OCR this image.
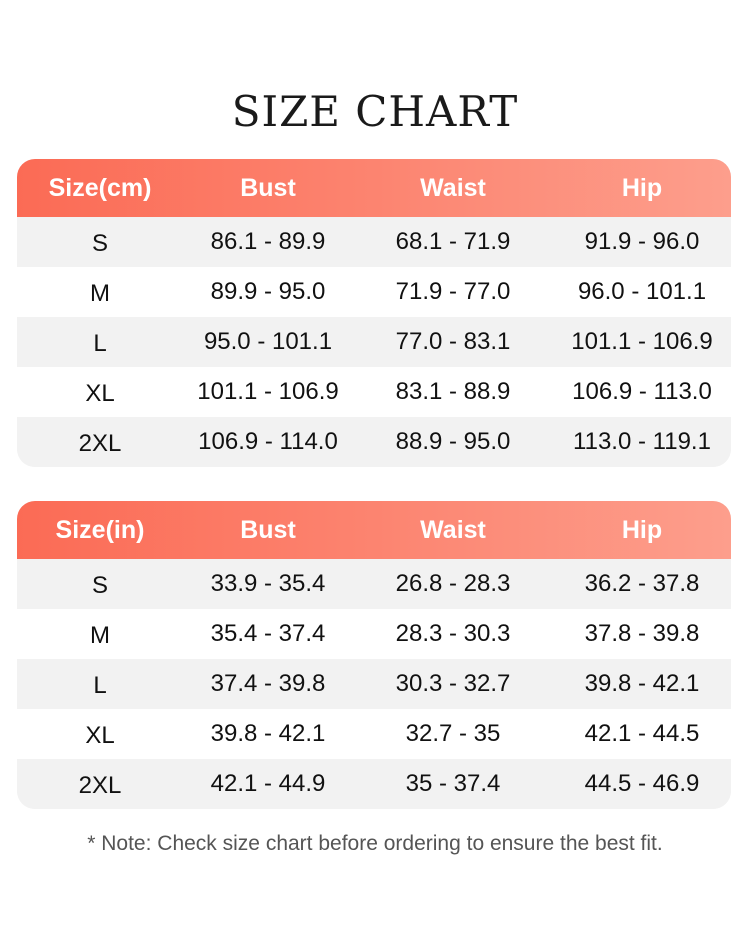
SIZE CHART
Size(cm)	Bust	Waist	Hip
S	86.1 - 89.9	68.1 - 71.9	91.9 - 96.0
M	89.9 - 95.0	71.9 - 77.0	96.0 - 101.1
L	95.0 - 101.1	77.0 - 83.1	101.1 - 106.9
XL	101.1 - 106.9	83.1 - 88.9	106.9 - 113.0
2XL	106.9 - 114.0	88.9 - 95.0	113.0 - 119.1
Size(in)	Bust	Waist	Hip
S	33.9 - 35.4	26.8 - 28.3	36.2 - 37.8
M	35.4 - 37.4	28.3 - 30.3	37.8 - 39.8
L	37.4 - 39.8	30.3 - 32.7	39.8 - 42.1
XL	39.8 - 42.1	32.7 - 35	42.1 - 44.5
2XL	42.1 - 44.9	35 - 37.4	44.5 - 46.9
* Note: Check size chart before ordering to ensure the best fit.
